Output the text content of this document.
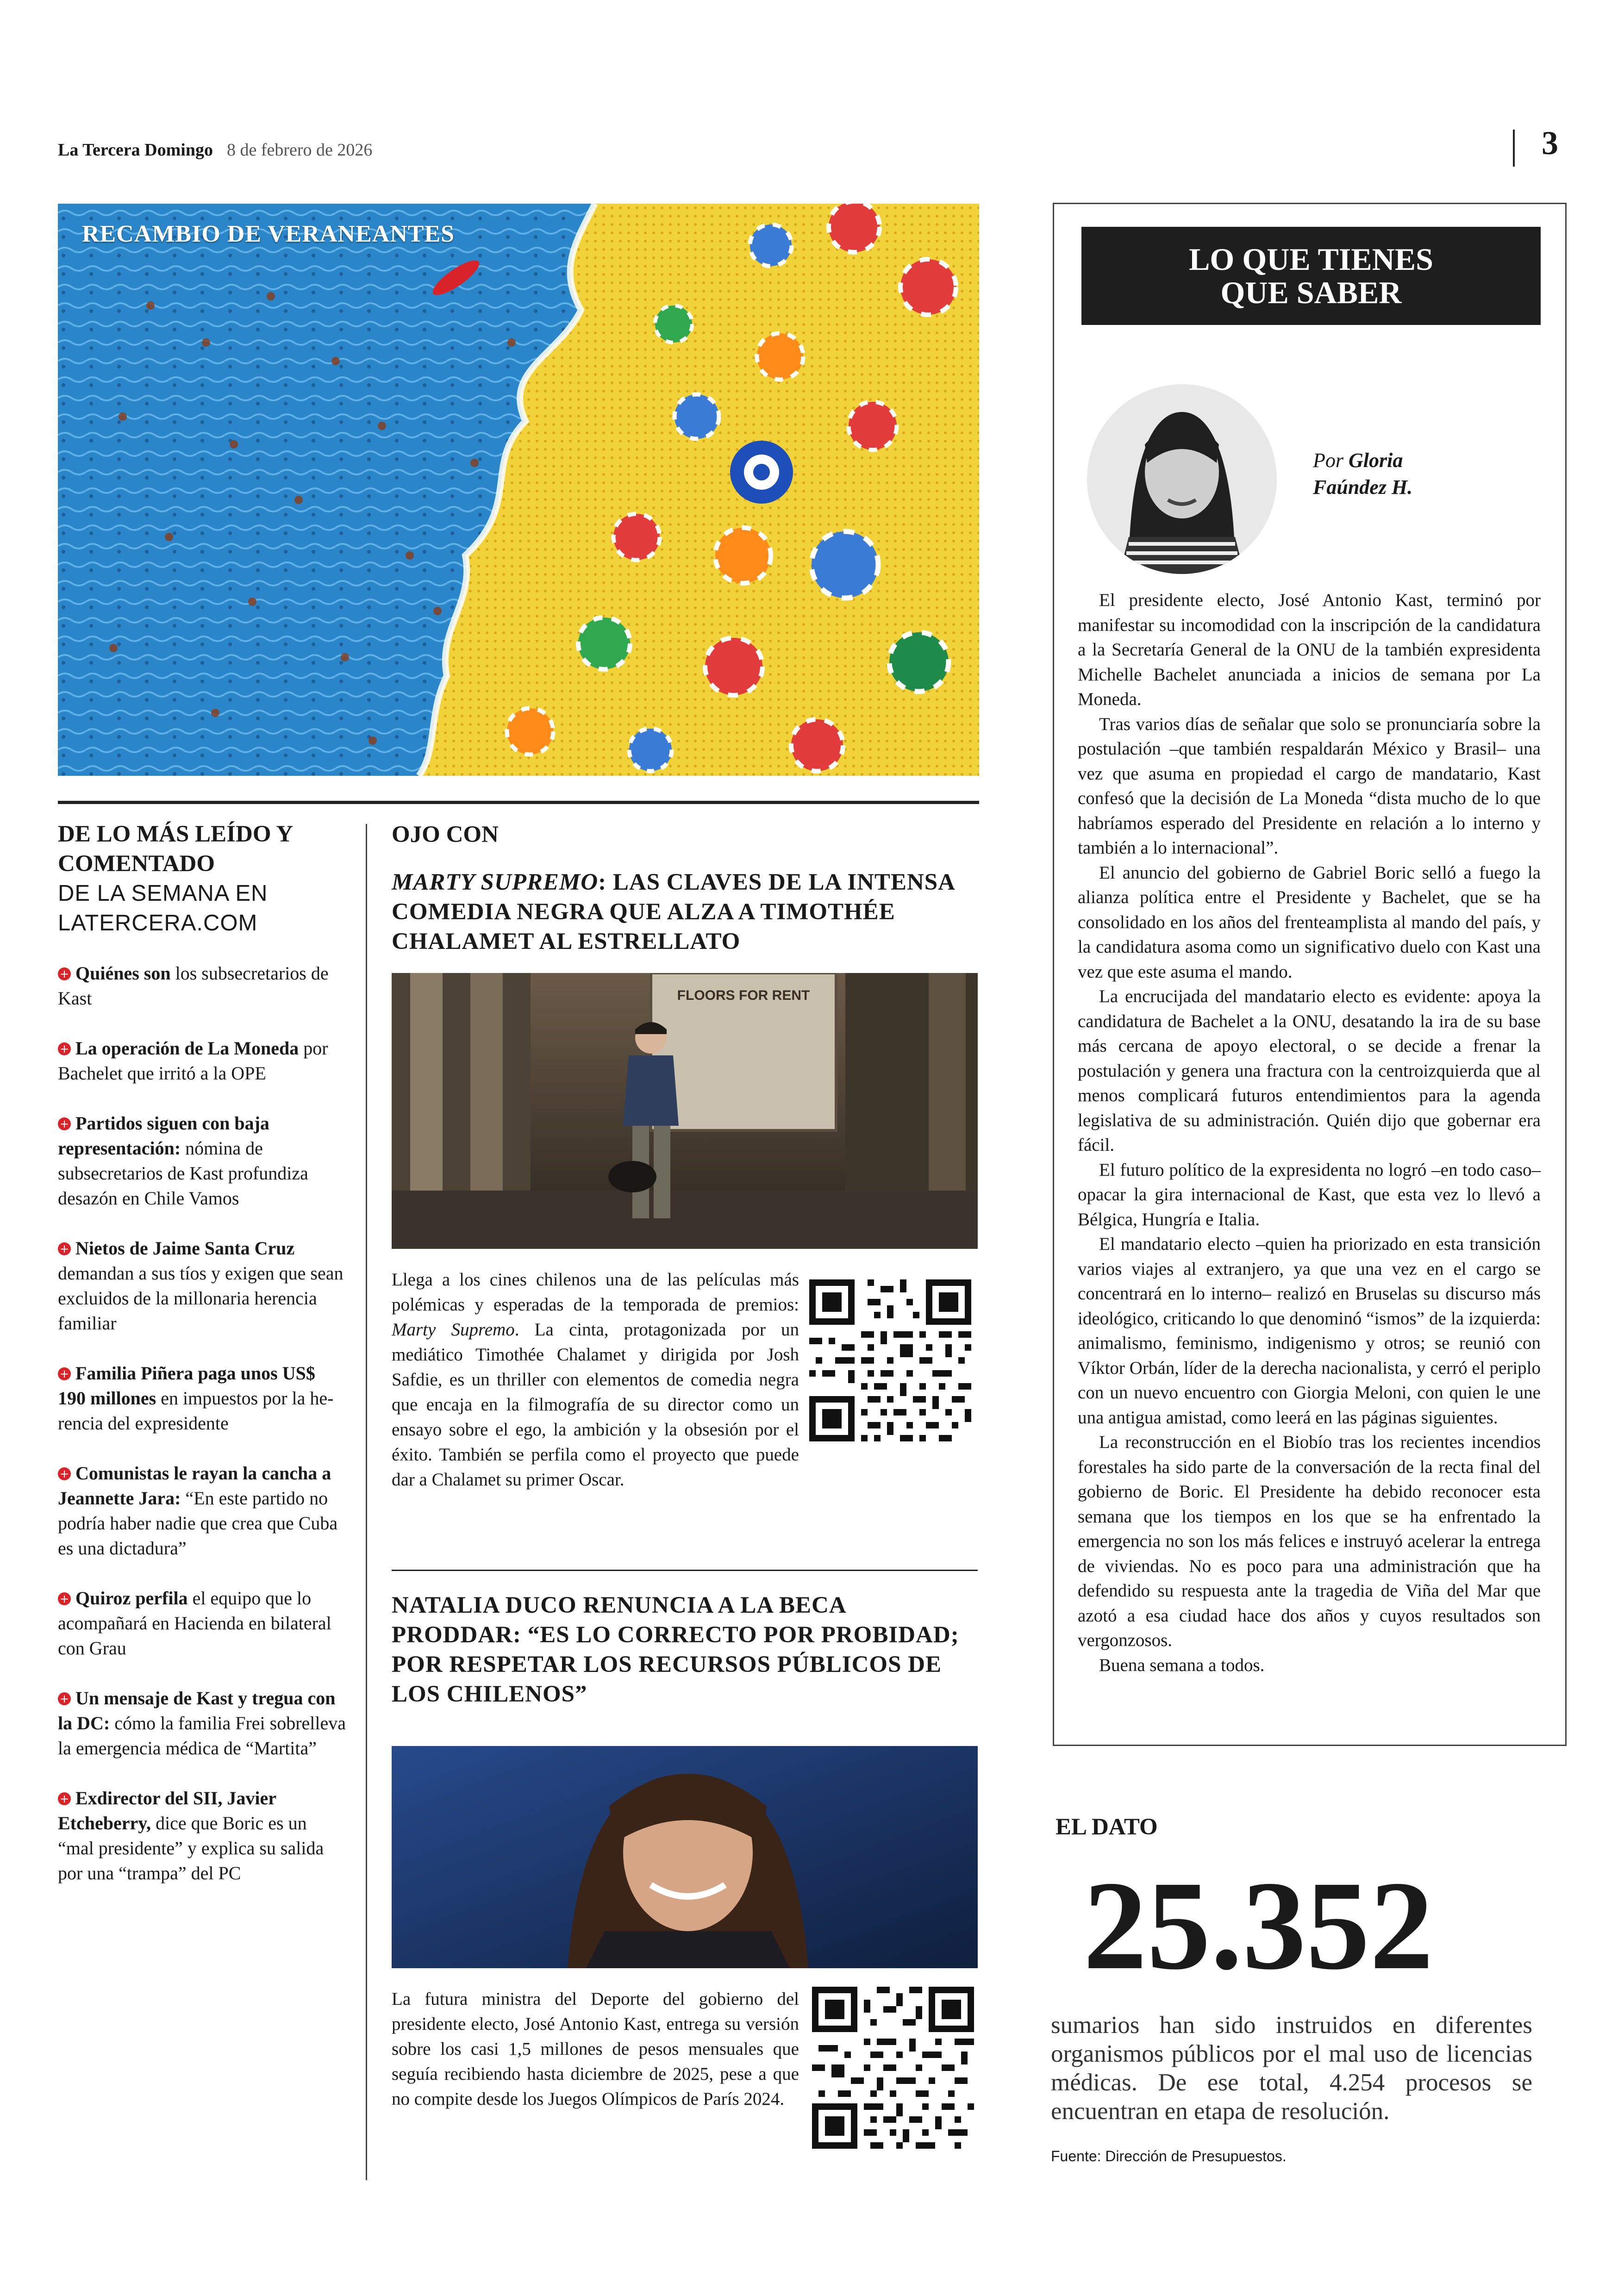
La Tercera Domingo 8 de febrero de 2026	3
RECAMBIO DE VERANEANTES
DE LO MÁS LEÍDO Y
COMENTADO
DE LA SEMANA EN
LATERCERA.COM
+ Quiénes son los subsecretarios de Kast
+ La operación de La Moneda por Bachelet que irritó a la OPE
+ Partidos siguen con baja representación: nómina de subsecretarios de Kast profundiza desazón en Chile Vamos
+ Nietos de Jaime Santa Cruz demandan a sus tíos y exigen que sean excluidos de la millonaria herencia familiar
+ Familia Piñera paga unos US$ 190 millones en impuestos por la herencia del expresidente
+ Comunistas le rayan la cancha a Jeannette Jara: “En este partido no podría haber nadie que crea que Cuba es una dictadura”
+ Quiroz perfila el equipo que lo acompañará en Hacienda en bilateral con Grau
+ Un mensaje de Kast y tregua con la DC: cómo la familia Frei sobrelleva la emergencia médica de “Martita”
+ Exdirector del SII, Javier Etcheberry, dice que Boric es un “mal presidente” y explica su salida por una “trampa” del PC
OJO CON
MARTY SUPREMO: LAS CLAVES DE LA INTENSA COMEDIA NEGRA QUE ALZA A TIMOTHÉE CHALAMET AL ESTRELLATO
FLOORS FOR RENT
Llega a los cines chilenos una de las películas más polémicas y esperadas de la temporada de premios: Marty Supremo. La cinta, protagonizada por un mediático Timothée Chalamet y dirigida por Josh Safdie, es un thriller con elementos de comedia negra que encaja en la filmografía de su director como un ensayo sobre el ego, la ambición y la obsesión por el éxito. También se perfila como el proyecto que puede dar a Chalamet su primer Oscar.
NATALIA DUCO RENUNCIA A LA BECA PRODDAR: “ES LO CORRECTO POR PROBIDAD; POR RESPETAR LOS RECURSOS PÚBLICOS DE LOS CHILENOS”
La futura ministra del Deporte del gobierno del presidente electo, José Antonio Kast, entrega su versión sobre los casi 1,5 millones de pesos mensuales que seguía recibiendo hasta diciembre de 2025, pese a que no compite desde los Juegos Olímpicos de París 2024.
LO QUE TIENES
QUE SABER
Por Gloria
Faúndez H.

El presidente electo, José Antonio Kast, terminó por manifestar su incomodidad con la inscripción de la candidatura a la Secretaría General de la ONU de la también expresidenta Michelle Bachelet anunciada a inicios de semana por La Moneda.

Tras varios días de señalar que solo se pronunciaría sobre la postulación –que también respaldarán México y Brasil– una vez que asuma en propiedad el cargo de mandatario, Kast confesó que la decisión de La Moneda “dista mucho de lo que habríamos esperado del Presidente en relación a lo interno y también a lo internacional”.

El anuncio del gobierno de Gabriel Boric selló a fuego la alianza política entre el Presidente y Bachelet, que se ha consolidado en los años del frenteamplista al mando del país, y la candidatura asoma como un significativo duelo con Kast una vez que este asuma el mando.

La encrucijada del mandatario electo es evidente: apoya la candidatura de Bachelet a la ONU, desatando la ira de su base más cercana de apoyo electoral, o se decide a frenar la postulación y genera una fractura con la centroizquierda que al menos complicará futuros entendimientos para la agenda legislativa de su administración. Quién dijo que gobernar era fácil.

El futuro político de la expresidenta no logró –en todo caso– opacar la gira internacional de Kast, que esta vez lo llevó a Bélgica, Hungría e Italia.

El mandatario electo –quien ha priorizado en esta transición varios viajes al extranjero, ya que una vez en el cargo se concentrará en lo interno– realizó en Bruselas su discurso más ideológico, criticando lo que denominó “ismos” de la izquierda: animalismo, feminismo, indigenismo y otros; se reunió con Víktor Orbán, líder de la derecha nacionalista, y cerró el periplo con un nuevo encuentro con Giorgia Meloni, con quien le une una antigua amistad, como leerá en las páginas siguientes.

La reconstrucción en el Biobío tras los recientes incendios forestales ha sido parte de la conversación de la recta final del gobierno de Boric. El Presidente ha debido reconocer esta semana que los tiempos en los que se ha enfrentado la emergencia no son los más felices e instruyó acelerar la entrega de viviendas. No es poco para una administración que ha defendido su respuesta ante la tragedia de Viña del Mar que azotó a esa ciudad hace dos años y cuyos resultados son vergonzosos.

Buena semana a todos.

EL DATO
25.352
sumarios han sido instruidos en diferentes organismos públicos por el mal uso de licencias médicas. De ese total, 4.254 procesos se encuentran en etapa de resolución.
Fuente: Dirección de Presupuestos.
